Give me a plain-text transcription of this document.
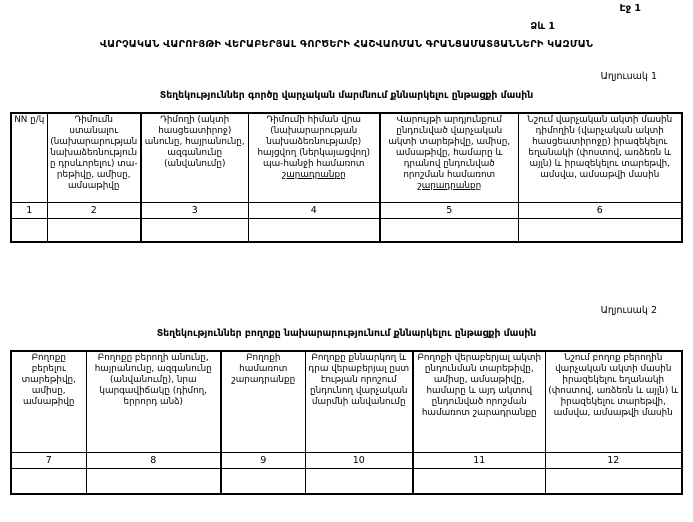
Էջ 1
Ձև 1
ՎԱՐՉԱԿԱՆ ՎԱՐՈՒՅԹԻ ՎԵՐԱԲԵՐՅԱԼ ԳՈՐԾԵՐԻ ՀԱՇՎԱՌՄԱՆ ԳՐԱՆՑԱՄԱՏՅԱՆՆԵՐԻ ԿԱԶՄԱՆ
Աղյուսակ 1
Տեղեկություններ գործը վարչական մարմնում քննարկելու ընթացքի մասին
NN ը/կ	Դիմումն ստանալու (նախարարության նախաձեռնությունը դրսևորելու) տա-րեթիվը, ամիսը, ամսաթիվը	Դիմողի (ակտի հասցեատիրոջ) անունը, հայրանունը, ազգանունը (անվանումը)	Դիմումի հիման վրա (նախարարության նախաձեռնությամբ) հայցվող (ներկայացվող) պա-հանջի համառոտ շարադրանքը	Վարույթի արդյունքում ընդունված վարչական ակտի տարեթիվը, ամիսը, ամսաթիվը, համարը և դրանով ընդունված որոշման համառոտ շարադրանքը	Նշում վարչական ակտի մասին դիմողին (վարչական ակտի հասցեատիրոջը) իրազեկելու եղանակի (փոստով, առձեռն և այլն) և իրազեկելու տարեթվի, ամսվա, ամսաթվի մասին
1	2	3	4	5	6

Աղյուսակ 2
Տեղեկություններ բողոքը նախարարությունում քննարկելու ընթացքի մասին
Բողոքը բերելու տարեթիվը, ամիսը, ամսաթիվը	Բողոքը բերողի անունը, հայրանունը, ազգանունը (անվանումը), նրա կարգավիճակը (դիմող, երրորդ անձ)	Բողոքի համառոտ շարադրանքը	Բողոքը քննարկող և դրա վերաբերյալ ըստ էության որոշում ընդունող վարչական մարմնի անվանումը	Բողոքի վերաբերյալ ակտի ընդունման տարեթիվը, ամիսը, ամսաթիվը, համարը և այդ ակտով ընդունված որոշման համառոտ շարադրանքը	Նշում բողոք բերողին վարչական ակտի մասին իրազեկելու եղանակի (փոստով, առձեռն և այլն) և իրազեկելու տարեթվի, ամսվա, ամսաթվի մասին
7	8	9	10	11	12
